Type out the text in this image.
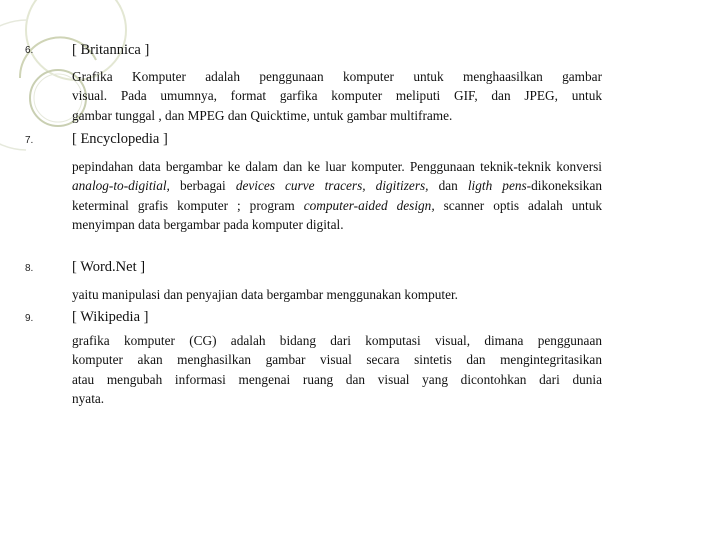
6.	[ Britannica ]
Grafika Komputer adalah penggunaan komputer untuk menghaasilkan gambar
visual. Pada umumnya, format garfika komputer meliputi GIF, dan JPEG, untuk
gambar tunggal , dan MPEG dan Quicktime, untuk gambar multiframe.
7.	[ Encyclopedia ]
pepindahan data bergambar ke dalam dan ke luar komputer. Penggunaan teknik-teknik konversi analog-to-digitial, berbagai devices curve tracers, digitizers, dan ligth pens-dikoneksikan keterminal grafis komputer ; program computer-aided design, scanner optis adalah untuk menyimpan data bergambar pada komputer digital.
8.	[ Word.Net ]
yaitu manipulasi dan penyajian data bergambar menggunakan komputer.
9.	[ Wikipedia ]
grafika komputer (CG) adalah bidang dari komputasi visual, dimana penggunaan
komputer akan menghasilkan gambar visual secara sintetis dan mengintegritasikan
atau mengubah informasi mengenai ruang dan visual yang dicontohkan dari dunia
nyata.
